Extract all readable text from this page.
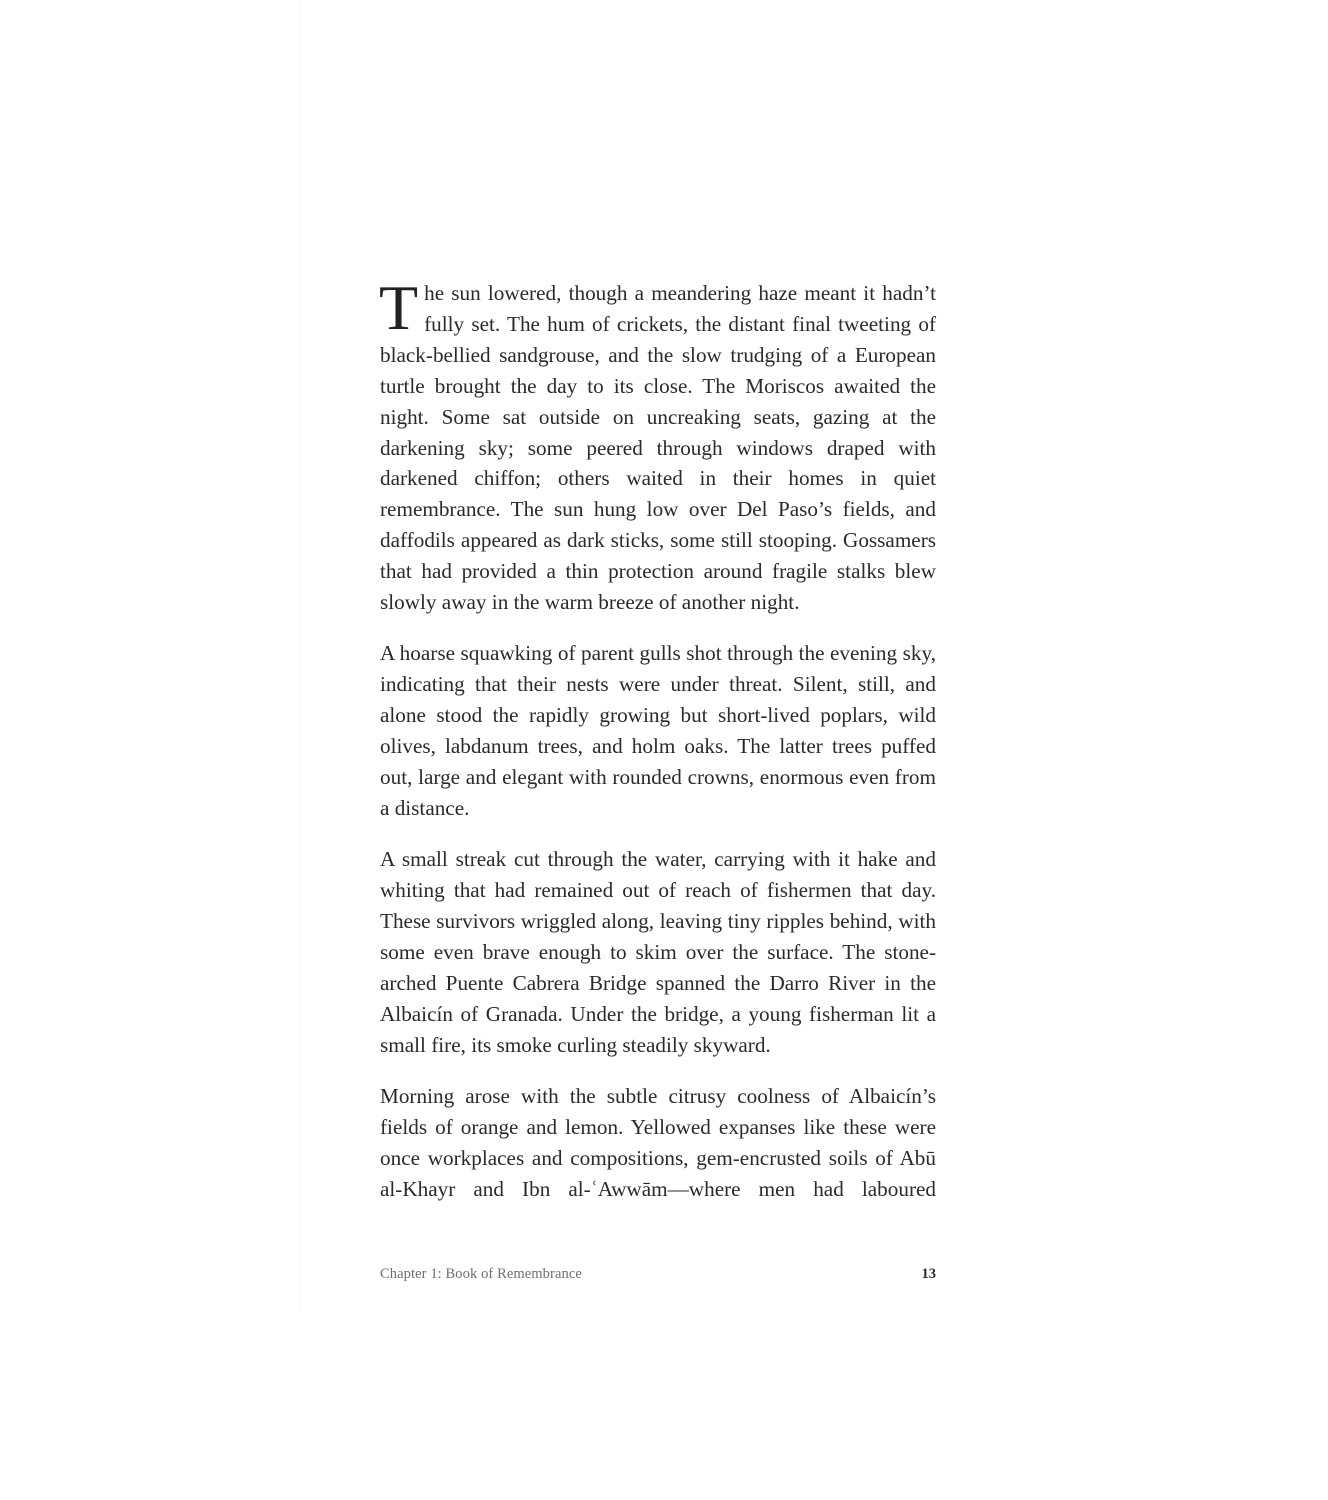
The sun lowered, though a meandering haze meant it hadn’t fully set. The hum of crickets, the distant final tweeting of black-bellied sandgrouse, and the slow trudging of a European turtle brought the day to its close. The Moriscos awaited the night. Some sat outside on uncreaking seats, gazing at the darkening sky; some peered through windows draped with darkened chiffon; others waited in their homes in quiet remembrance. The sun hung low over Del Paso’s fields, and daffodils appeared as dark sticks, some still stooping. Gossamers that had provided a thin protection around fragile stalks blew slowly away in the warm breeze of another night.

A hoarse squawking of parent gulls shot through the evening sky, indicating that their nests were under threat. Silent, still, and alone stood the rapidly growing but short-lived poplars, wild olives, labdanum trees, and holm oaks. The latter trees puffed out, large and elegant with rounded crowns, enormous even from a distance.

A small streak cut through the water, carrying with it hake and whiting that had remained out of reach of fishermen that day. These survivors wriggled along, leaving tiny ripples behind, with some even brave enough to skim over the surface. The stone-arched Puente Cabrera Bridge spanned the Darro River in the Albaicín of Granada. Under the bridge, a young fisherman lit a small fire, its smoke curling steadily skyward.

Morning arose with the subtle citrusy coolness of Albaicín’s fields of orange and lemon. Yellowed expanses like these were once workplaces and compositions, gem-encrusted soils of Abū al-Khayr and Ibn al-ʿAwwām—where men had laboured

Chapter 1: Book of Remembrance	13
